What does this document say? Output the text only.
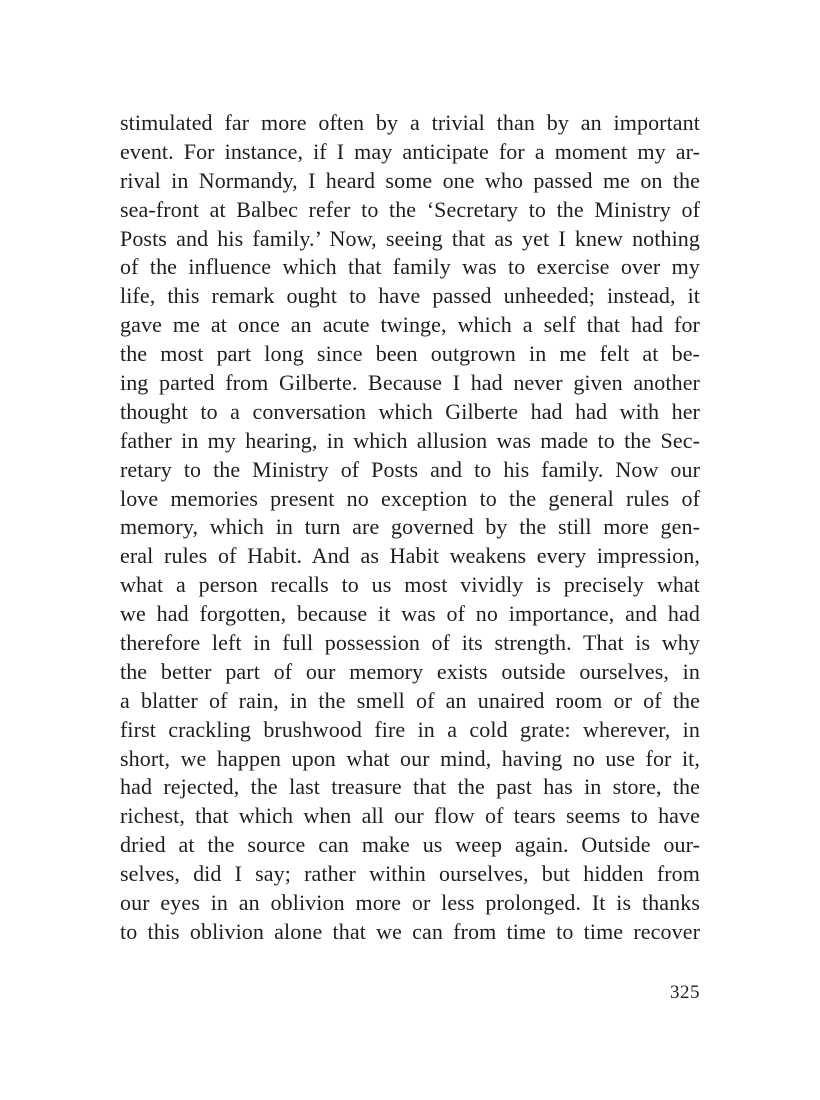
stimulated far more often by a trivial than by an important
event. For instance, if I may anticipate for a moment my ar-
rival in Normandy, I heard some one who passed me on the
sea-front at Balbec refer to the ‘Secretary to the Ministry of
Posts and his family.’ Now, seeing that as yet I knew nothing
of the influence which that family was to exercise over my
life, this remark ought to have passed unheeded; instead, it
gave me at once an acute twinge, which a self that had for
the most part long since been outgrown in me felt at be-
ing parted from Gilberte. Because I had never given another
thought to a conversation which Gilberte had had with her
father in my hearing, in which allusion was made to the Sec-
retary to the Ministry of Posts and to his family. Now our
love memories present no exception to the general rules of
memory, which in turn are governed by the still more gen-
eral rules of Habit. And as Habit weakens every impression,
what a person recalls to us most vividly is precisely what
we had forgotten, because it was of no importance, and had
therefore left in full possession of its strength. That is why
the better part of our memory exists outside ourselves, in
a blatter of rain, in the smell of an unaired room or of the
first crackling brushwood fire in a cold grate: wherever, in
short, we happen upon what our mind, having no use for it,
had rejected, the last treasure that the past has in store, the
richest, that which when all our flow of tears seems to have
dried at the source can make us weep again. Outside our-
selves, did I say; rather within ourselves, but hidden from
our eyes in an oblivion more or less prolonged. It is thanks
to this oblivion alone that we can from time to time recover
325
